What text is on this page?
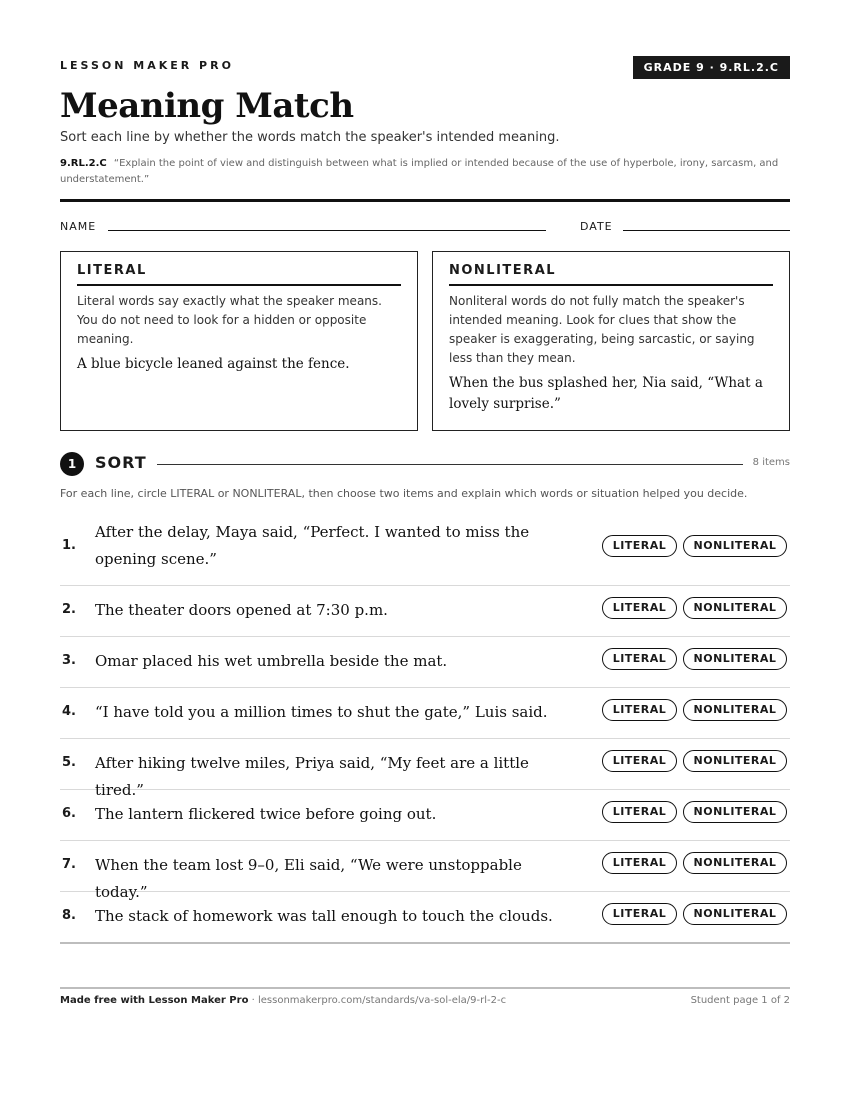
LESSON MAKER PRO	GRADE 9 · 9.RL.2.C
Meaning Match
Sort each line by whether the words match the speaker's intended meaning.
9.RL.2.C “Explain the point of view and distinguish between what is implied or intended because of the use of hyperbole, irony, sarcasm, and understatement.”
NAME	DATE
LITERAL

Literal words say exactly what the speaker means. You do not need to look for a hidden or opposite meaning.

A blue bicycle leaned against the fence.

NONLITERAL

Nonliteral words do not fully match the speaker's intended meaning. Look for clues that show the speaker is exaggerating, being sarcastic, or saying less than they mean.

When the bus splashed her, Nia said, “What a lovely surprise.”

1	SORT	8 items
For each line, circle LITERAL or NONLITERAL, then choose two items and explain which words or situation helped you decide.
1.
After the delay, Maya said, “Perfect. I wanted to miss the opening scene.”
LITERAL	NONLITERAL
2. The theater doors opened at 7:30 p.m.	LITERAL	NONLITERAL
3. Omar placed his wet umbrella beside the mat.	LITERAL	NONLITERAL
4. “I have told you a million times to shut the gate,” Luis said.	LITERAL	NONLITERAL
5. After hiking twelve miles, Priya said, “My feet are a little tired.”
LITERAL	NONLITERAL
6. The lantern flickered twice before going out.	LITERAL	NONLITERAL
7. When the team lost 9–0, Eli said, “We were unstoppable today.”
LITERAL	NONLITERAL
8. The stack of homework was tall enough to touch the clouds.	LITERAL	NONLITERAL
Made free with Lesson Maker Pro · lessonmakerpro.com/standards/va-sol-ela/9-rl-2-c	Student page 1 of 2
